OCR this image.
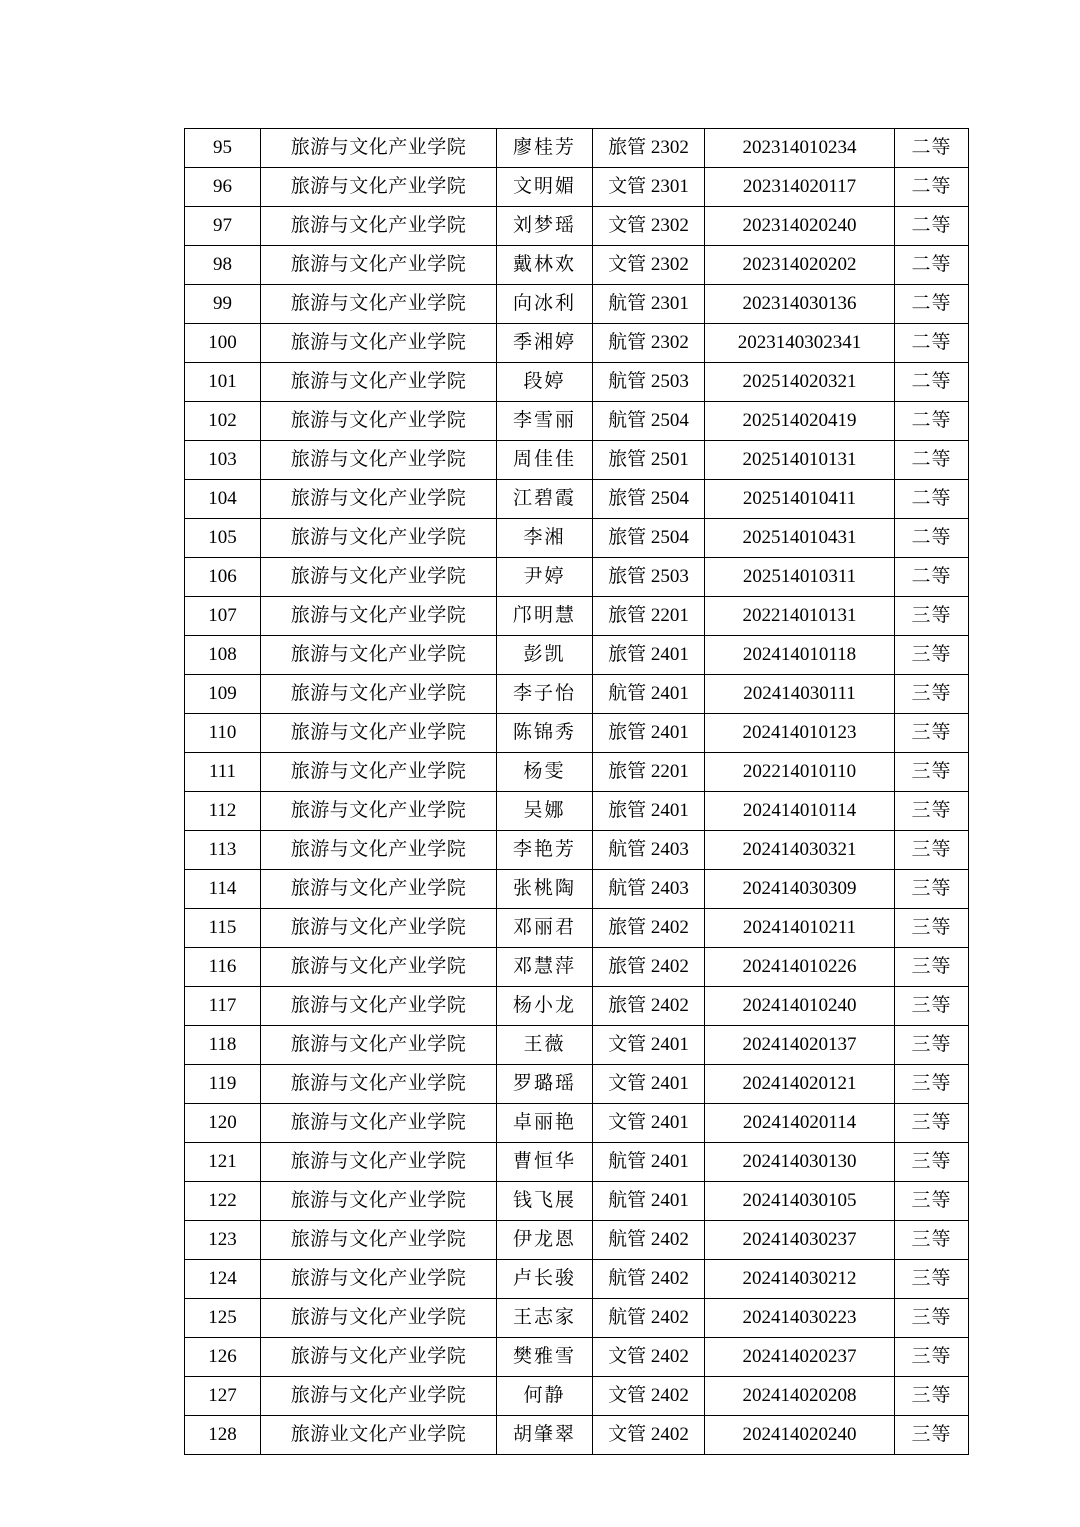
95	旅游与文化产业学院	廖桂芳	旅管 2302	202314010234	二等
96	旅游与文化产业学院	文明媚	文管 2301	202314020117	二等
97	旅游与文化产业学院	刘梦瑶	文管 2302	202314020240	二等
98	旅游与文化产业学院	戴林欢	文管 2302	202314020202	二等
99	旅游与文化产业学院	向冰利	航管 2301	202314030136	二等
100	旅游与文化产业学院	季湘婷	航管 2302	2023140302341	二等
101	旅游与文化产业学院	段婷	航管 2503	202514020321	二等
102	旅游与文化产业学院	李雪丽	航管 2504	202514020419	二等
103	旅游与文化产业学院	周佳佳	旅管 2501	202514010131	二等
104	旅游与文化产业学院	江碧霞	旅管 2504	202514010411	二等
105	旅游与文化产业学院	李湘	旅管 2504	202514010431	二等
106	旅游与文化产业学院	尹婷	旅管 2503	202514010311	二等
107	旅游与文化产业学院	邝明慧	旅管 2201	202214010131	三等
108	旅游与文化产业学院	彭凯	旅管 2401	202414010118	三等
109	旅游与文化产业学院	李子怡	航管 2401	202414030111	三等
110	旅游与文化产业学院	陈锦秀	旅管 2401	202414010123	三等
111	旅游与文化产业学院	杨雯	旅管 2201	202214010110	三等
112	旅游与文化产业学院	吴娜	旅管 2401	202414010114	三等
113	旅游与文化产业学院	李艳芳	航管 2403	202414030321	三等
114	旅游与文化产业学院	张桃陶	航管 2403	202414030309	三等
115	旅游与文化产业学院	邓丽君	旅管 2402	202414010211	三等
116	旅游与文化产业学院	邓慧萍	旅管 2402	202414010226	三等
117	旅游与文化产业学院	杨小龙	旅管 2402	202414010240	三等
118	旅游与文化产业学院	王薇	文管 2401	202414020137	三等
119	旅游与文化产业学院	罗璐瑶	文管 2401	202414020121	三等
120	旅游与文化产业学院	卓丽艳	文管 2401	202414020114	三等
121	旅游与文化产业学院	曹恒华	航管 2401	202414030130	三等
122	旅游与文化产业学院	钱飞展	航管 2401	202414030105	三等
123	旅游与文化产业学院	伊龙恩	航管 2402	202414030237	三等
124	旅游与文化产业学院	卢长骏	航管 2402	202414030212	三等
125	旅游与文化产业学院	王志家	航管 2402	202414030223	三等
126	旅游与文化产业学院	樊雅雪	文管 2402	202414020237	三等
127	旅游与文化产业学院	何静	文管 2402	202414020208	三等
128	旅游业文化产业学院	胡肇翠	文管 2402	202414020240	三等
